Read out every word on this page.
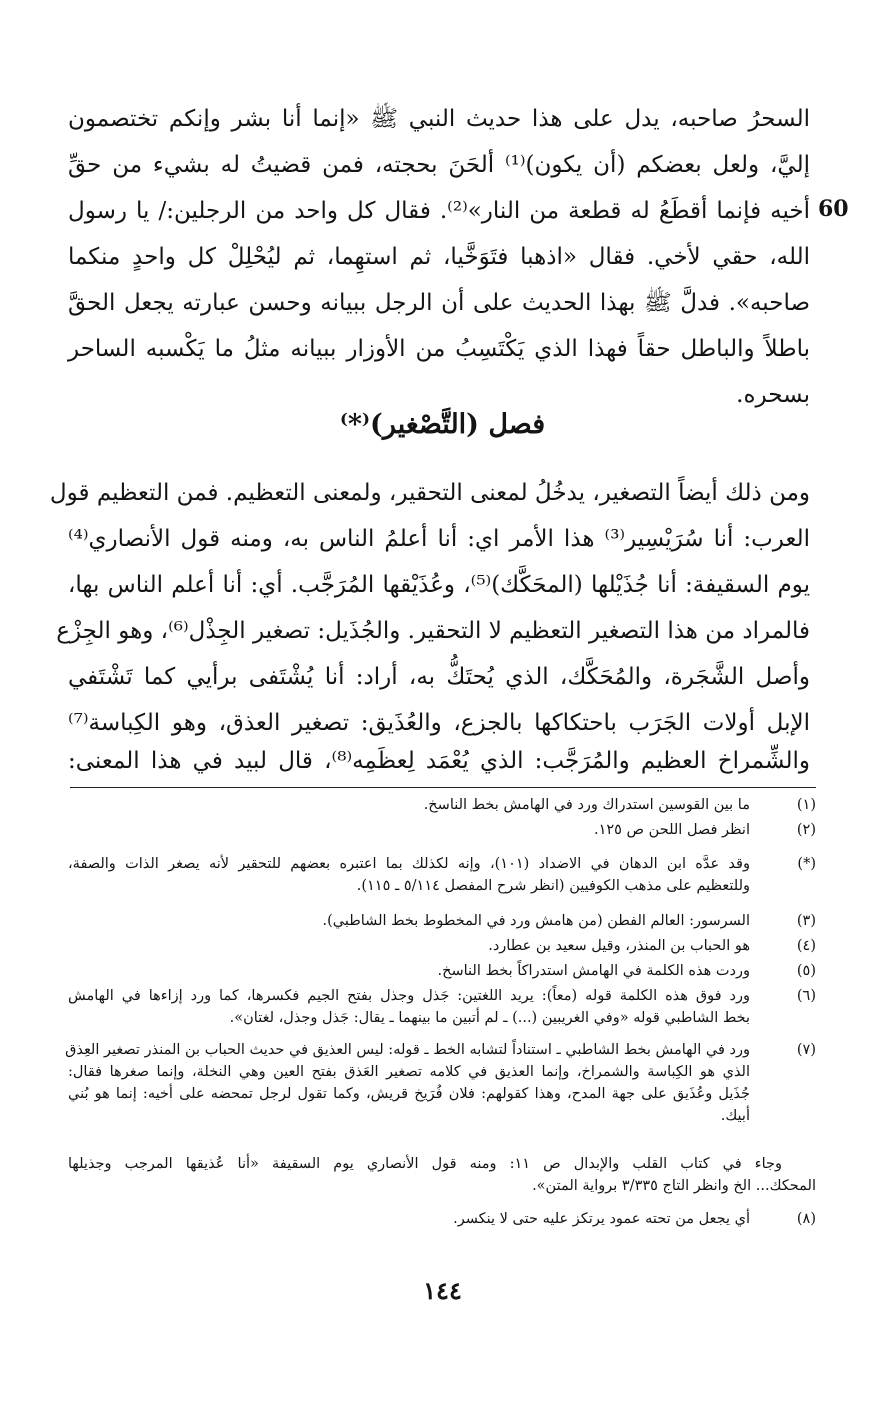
60
السحرُ صاحبه، يدل على هذا حديث النبي ﷺ «إنما أنا بشر وإنكم تختصمون
إليَّ، ولعل بعضكم (أن يكون)⁽¹⁾ ألحَنَ بحجته، فمن قضيتُ له بشيء من حقِّ
أخيه فإنما أقطَعُ له قطعة من النار»⁽²⁾. فقال كل واحد من الرجلين:/ يا رسول
الله، حقي لأخي. فقال «اذهبا فتَوَخَّيا، ثم استهِما، ثم ليُحْلِلْ كل واحدٍ منكما
صاحبه». فدلَّ ﷺ بهذا الحديث على أن الرجل ببيانه وحسن عبارته يجعل الحقَّ
باطلاً والباطل حقاً فهذا الذي يَكْتَسِبُ من الأوزار ببيانه مثلُ ما يَكْسبه الساحر
بسحره.
فصل (التَّصْغير)⁽*⁾
ومن ذلك أيضاً التصغير، يدخُلُ لمعنى التحقير، ولمعنى التعظيم. فمن التعظيم قول
العرب: أنا سُرَيْسِير⁽³⁾ هذا الأمر اي: أنا أعلمُ الناس به، ومنه قول الأنصاري⁽⁴⁾
يوم السقيفة: أنا جُذَيْلها (المحَكَّك)⁽⁵⁾، وعُذَيْقها المُرَجَّب. أي: أنا أعلم الناس بها،
فالمراد من هذا التصغير التعظيم لا التحقير. والجُذَيل: تصغير الجِذْل⁽⁶⁾، وهو الجِزْع
وأصل الشَّجَرة، والمُحَكَّك، الذي يُحتَكُّ به، أراد: أنا يُشْتَفى برأيي كما تَشْتَفي
الإبل أولات الجَرَب باحتكاكها بالجزع، والعُذَيق: تصغير العذق، وهو الكِباسة⁽⁷⁾
والشِّمراخ العظيم والمُرَجَّب: الذي يُعْمَد لِعظَمِه⁽⁸⁾، قال لبيد في هذا المعنى:
(١)
ما بين القوسين استدراك ورد في الهامش بخط الناسخ.
(٢)
انظر فصل اللحن ص ١٢٥.
(*)
وقد عدَّه ابن الدهان في الاضداد (١٠١)، وإنه لكذلك بما اعتبره بعضهم للتحقير لأنه يصغر الذات والصفة،
وللتعظيم على مذهب الكوفيين (انظر شرح المفصل ٥/١١٤ ـ ١١٥).
(٣)
السرسور: العالم الفطن (من هامش ورد في المخطوط بخط الشاطبي).
(٤)
هو الحباب بن المنذر، وقيل سعيد بن عطارد.
(٥)
وردت هذه الكلمة في الهامش استدراكاً بخط الناسخ.
(٦)
ورد فوق هذه الكلمة قوله (معاً): يريد اللغتين: جَذل وجذل بفتح الجيم فكسرها، كما ورد إزاءها في الهامش
بخط الشاطبي قوله «وفي الغريبين (...) ـ لم أتبين ما بينهما ـ يقال: جَذل وجذل، لغتان».
(٧)
ورد في الهامش بخط الشاطبي ـ استناداً لتشابه الخط ـ قوله: ليس العذيق في حديث الحباب بن المنذر تصغير العِذق
الذي هو الكِباسة والشمراخ، وإنما العذيق في كلامه تصغير العَذق بفتح العين وهي النخلة، وإنما صغرها فقال:
جُذَيل وعُذَيق على جهة المدح، وهذا كقولهم: فلان فُرَيخ قريش، وكما تقول لرجل تمحضه على أخيه: إنما هو بُني
أبيك.
وجاء في كتاب القلب والإبدال ص ١١: ومنه قول الأنصاري يوم السقيفة «أنا عُذيقها المرجب وجذيلها
المحكك... الخ وانظر التاج ٣/٣٣٥ برواية المتن».
(٨)
أي يجعل من تحته عمود يرتكز عليه حتى لا ينكسر.
١٤٤
